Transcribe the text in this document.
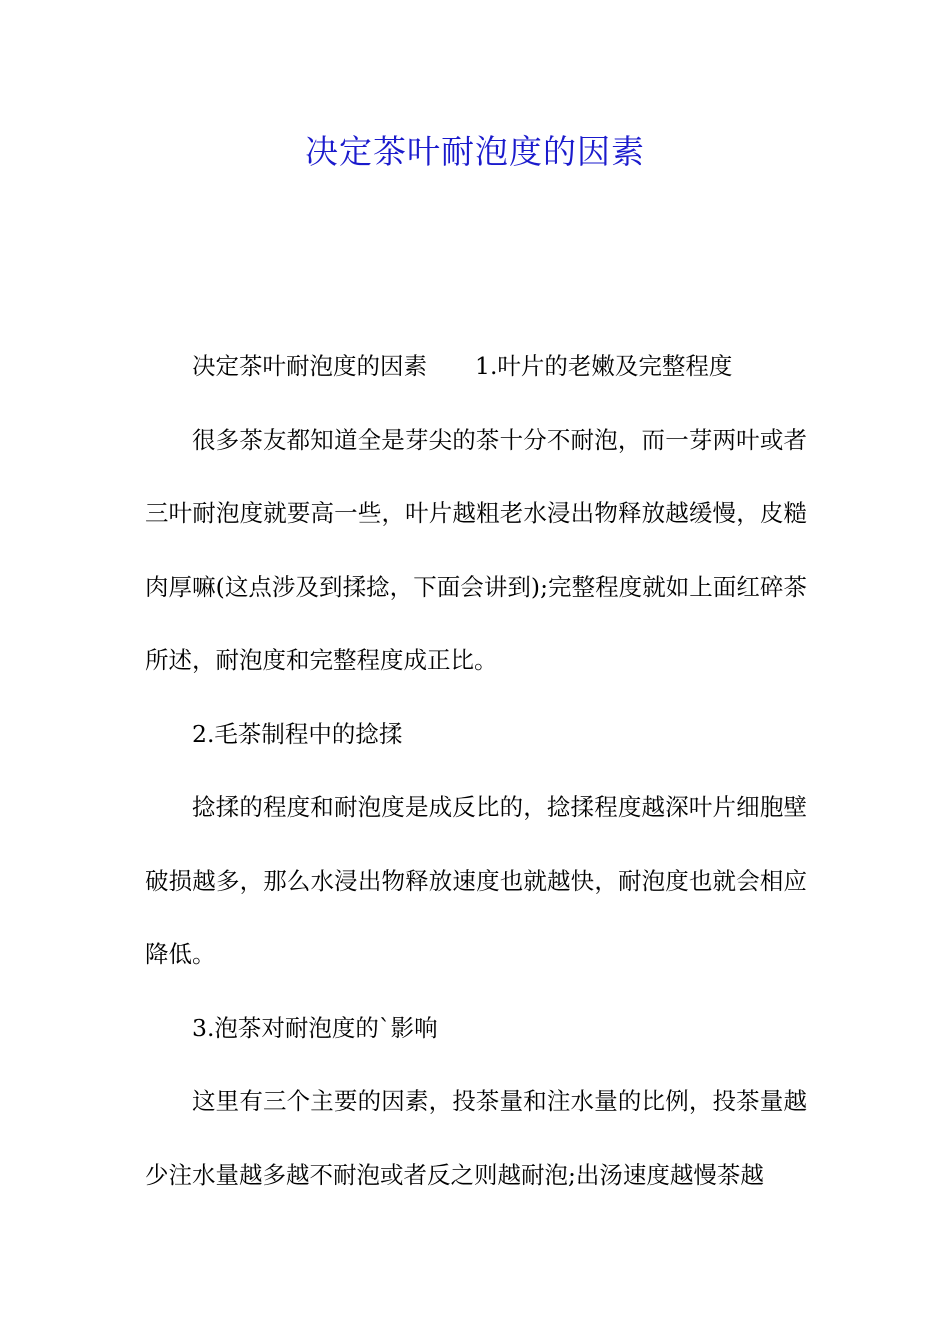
决定茶叶耐泡度的因素

决定茶叶耐泡度的因素 1.叶片的老嫩及完整程度

很多茶友都知道全是芽尖的茶十分不耐泡，而一芽两叶或者三叶耐泡度就要高一些，叶片越粗老水浸出物释放越缓慢，皮糙肉厚嘛(这点涉及到揉捻，下面会讲到);完整程度就如上面红碎茶所述，耐泡度和完整程度成正比。

2.毛茶制程中的捻揉

捻揉的程度和耐泡度是成反比的，捻揉程度越深叶片细胞壁破损越多，那么水浸出物释放速度也就越快，耐泡度也就会相应降低。

3.泡茶对耐泡度的`影响

这里有三个主要的因素，投茶量和注水量的比例，投茶量越少注水量越多越不耐泡或者反之则越耐泡;出汤速度越慢茶越
